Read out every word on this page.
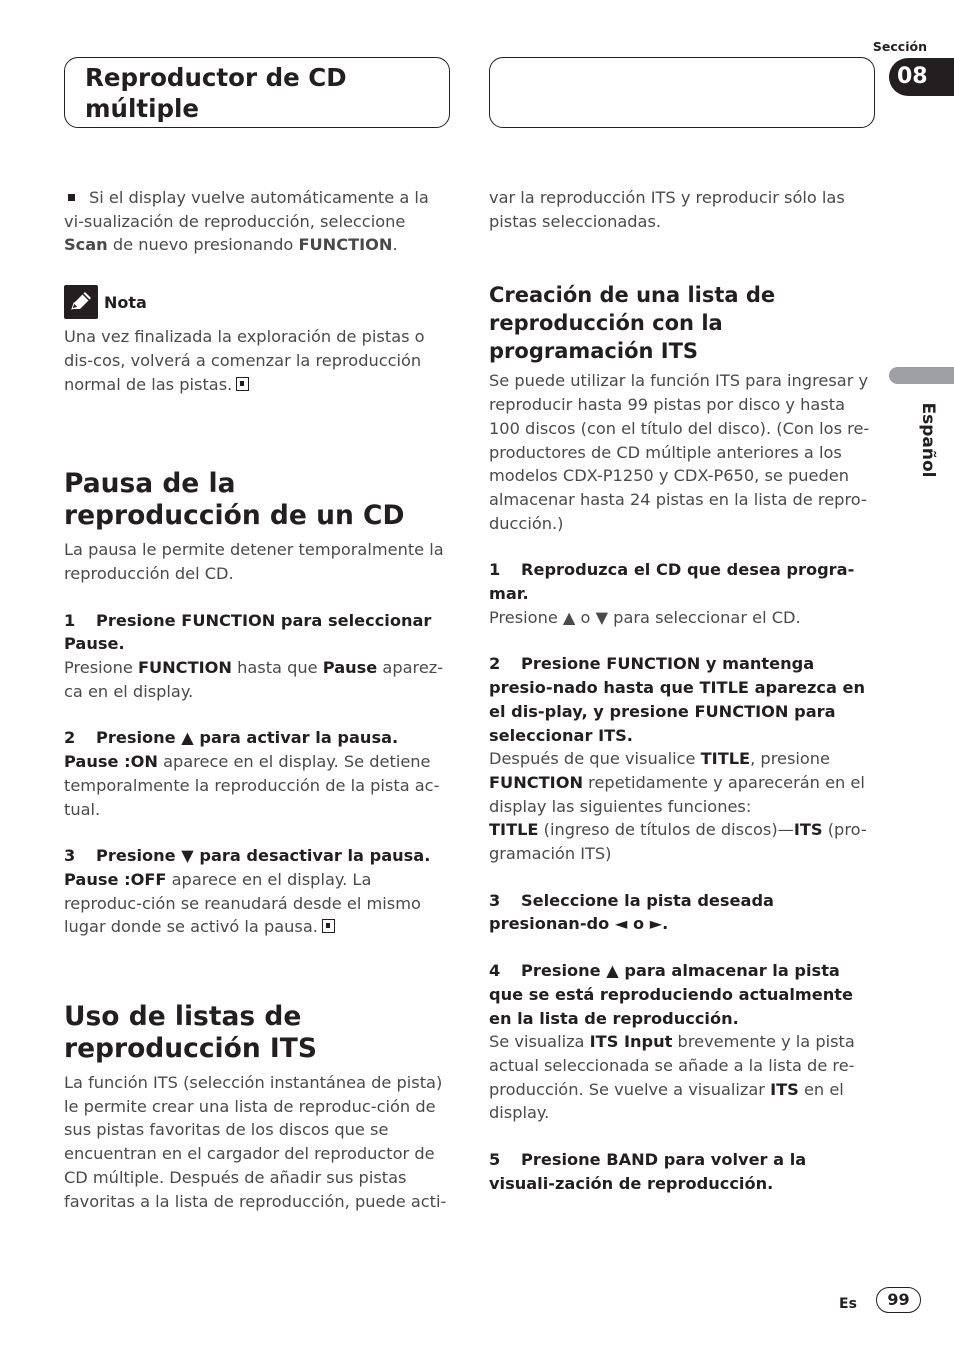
Reproductor de CD múltiple
Sección
08
Español
Si el display vuelve automáticamente a la vi-sualización de reproducción, seleccione Scan de nuevo presionando FUNCTION.
Nota

Una vez finalizada la exploración de pistas o dis-cos, volverá a comenzar la reproducción normal de las pistas.

Pausa de la reproducción de un CD

La pausa le permite detener temporalmente la reproducción del CD.

1 Presione FUNCTION para seleccionar Pause.

Presione FUNCTION hasta que Pause aparez-ca en el display.

2 Presione ▲ para activar la pausa.

Pause :ON aparece en el display. Se detiene temporalmente la reproducción de la pista ac-tual.

3 Presione ▼ para desactivar la pausa.

Pause :OFF aparece en el display. La reproduc-ción se reanudará desde el mismo lugar donde se activó la pausa.

Uso de listas de reproducción ITS

La función ITS (selección instantánea de pista) le permite crear una lista de reproduc-ción de sus pistas favoritas de los discos que se encuentran en el cargador del reproductor de CD múltiple. Después de añadir sus pistas favoritas a la lista de reproducción, puede acti-

var la reproducción ITS y reproducir sólo las pistas seleccionadas.

Creación de una lista de reproducción con la programación ITS

Se puede utilizar la función ITS para ingresar y reproducir hasta 99 pistas por disco y hasta 100 discos (con el título del disco). (Con los re-productores de CD múltiple anteriores a los modelos CDX-P1250 y CDX-P650, se pueden almacenar hasta 24 pistas en la lista de repro-ducción.)

1 Reproduzca el CD que desea progra-mar.

Presione ▲ o ▼ para seleccionar el CD.

2 Presione FUNCTION y mantenga presio-nado hasta que TITLE aparezca en el dis-play, y presione FUNCTION para seleccionar ITS.

Después de que visualice TITLE, presione FUNCTION repetidamente y aparecerán en el display las siguientes funciones:
TITLE (ingreso de títulos de discos)—ITS (pro-gramación ITS)

3 Seleccione la pista deseada presionan-do ◄ o ►.
4 Presione ▲ para almacenar la pista que se está reproduciendo actualmente en la lista de reproducción.

Se visualiza ITS Input brevemente y la pista actual seleccionada se añade a la lista de re-producción. Se vuelve a visualizar ITS en el display.

5 Presione BAND para volver a la visuali-zación de reproducción.
Es	99
